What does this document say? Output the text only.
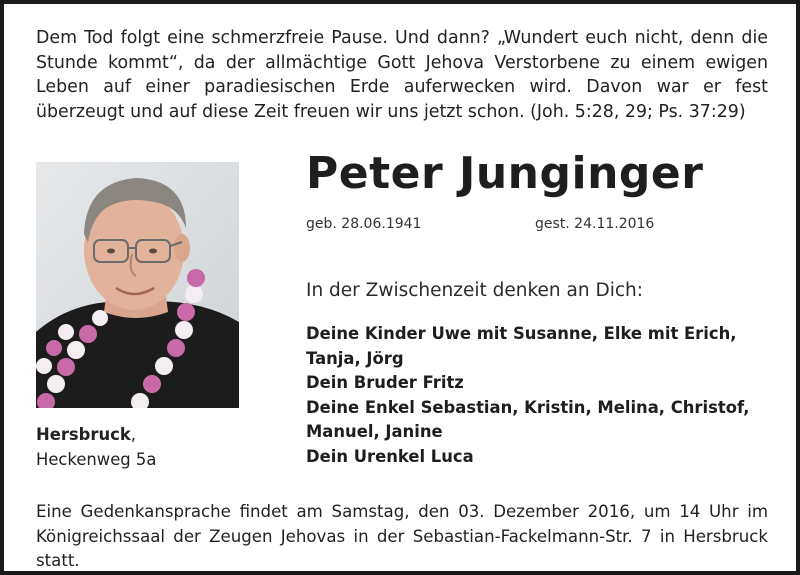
Dem Tod folgt eine schmerzfreie Pause. Und dann? „Wundert euch nicht, denn die Stunde kommt“, da der allmächtige Gott Jehova Verstorbene zu einem ewigen Leben auf einer paradiesischen Erde auferwecken wird. Davon war er fest überzeugt und auf diese Zeit freuen wir uns jetzt schon. (Joh. 5:28, 29; Ps. 37:29)
Peter Junginger
geb. 28.06.1941	gest. 24.11.2016
In der Zwischenzeit denken an Dich:
Deine Kinder Uwe mit Susanne, Elke mit Erich,
Tanja, Jörg
Dein Bruder Fritz
Deine Enkel Sebastian, Kristin, Melina, Christof,
Manuel, Janine
Dein Urenkel Luca
Hersbruck,
Heckenweg 5a
Eine Gedenkansprache findet am Samstag, den 03. Dezember 2016, um 14 Uhr im Königreichssaal der Zeugen Jehovas in der Sebastian-Fackelmann-Str. 7 in Hersbruck statt.
